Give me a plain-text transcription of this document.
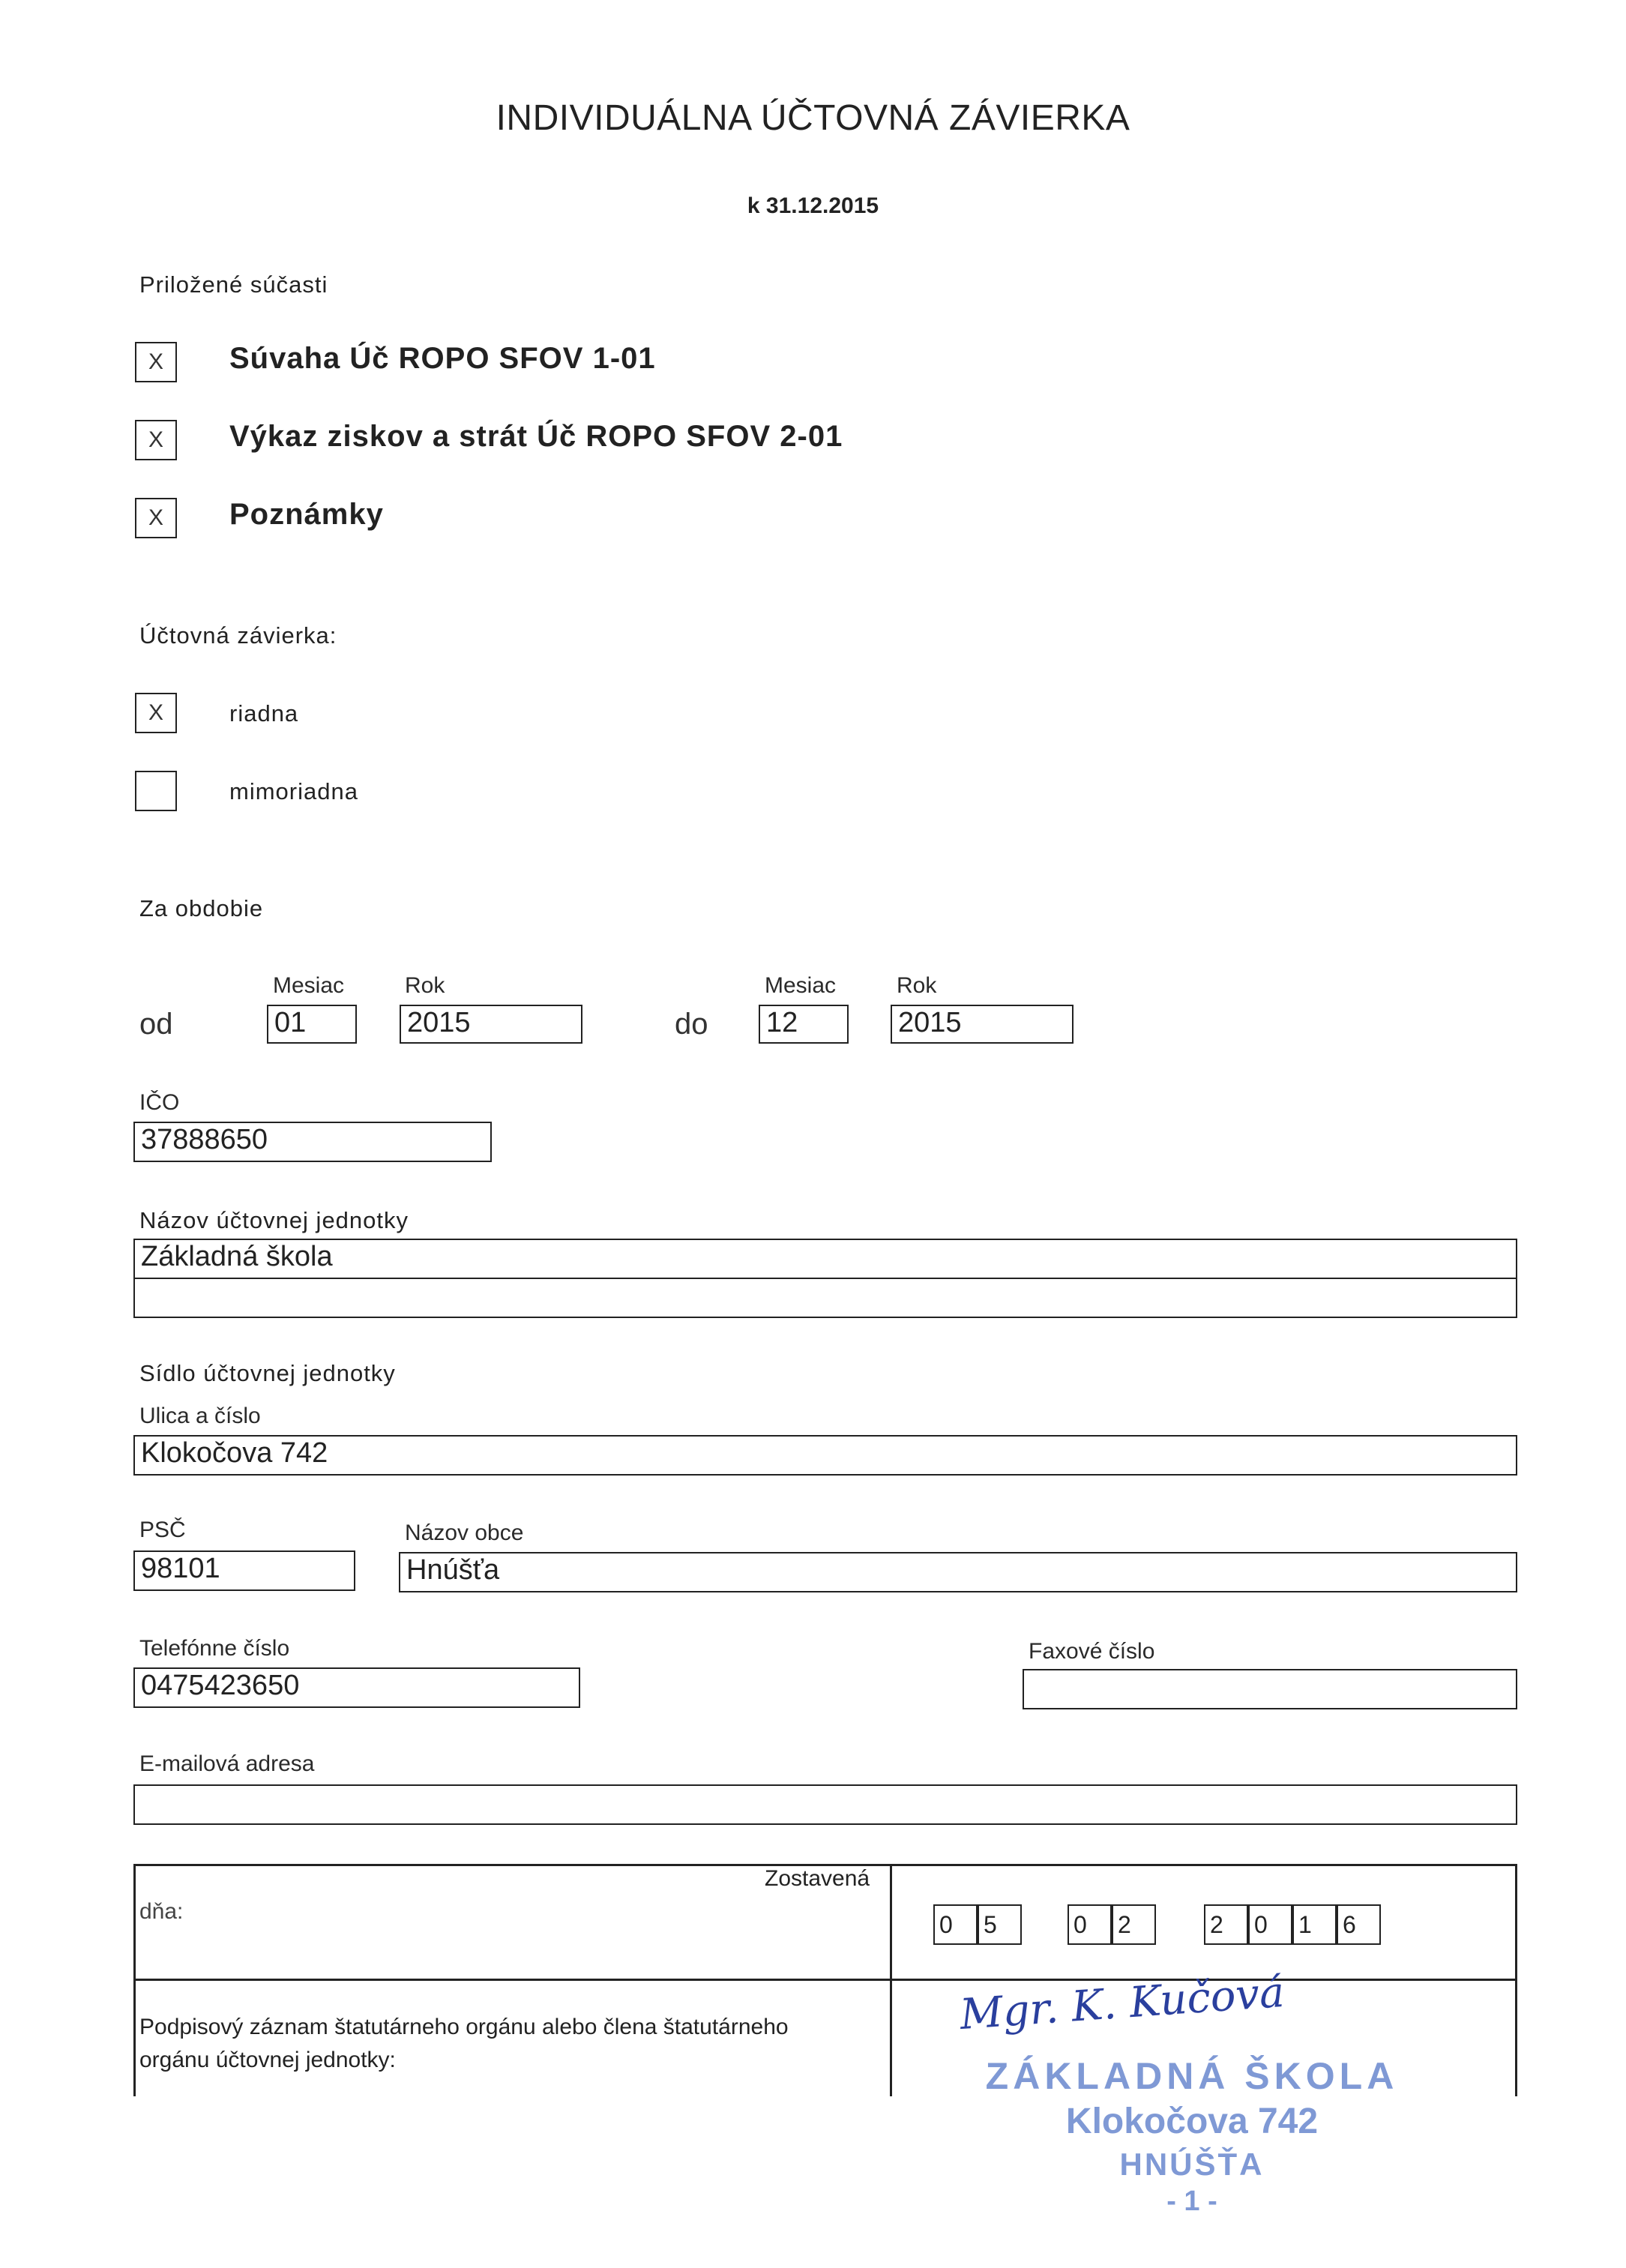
INDIVIDUÁLNA ÚČTOVNÁ ZÁVIERKA
k 31.12.2015
Priložené súčasti
X	Súvaha Úč ROPO SFOV 1-01
X	Výkaz ziskov a strát Úč ROPO SFOV 2-01
X	Poznámky
Účtovná závierka:
X	riadna
mimoriadna
Za obdobie
Mesiac	Rok	Mesiac	Rok
od	01	2015	do 12	2015
IČO
37888650
Názov účtovnej jednotky
Základná škola
Sídlo účtovnej jednotky
Ulica a číslo
Klokočova 742
PSČ
98101
Názov obce
Hnúšťa
Telefónne číslo
0475423650
Faxové číslo
E-mailová adresa
Zostavená
dňa:	0	5	0	2	2	0	1	6
Podpisový záznam štatutárneho orgánu alebo člena štatutárneho orgánu účtovnej jednotky:
Mgr. K. Kučová
ZÁKLADNÁ ŠKOLA
Klokočova 742
HNÚŠŤA
- 1 -
